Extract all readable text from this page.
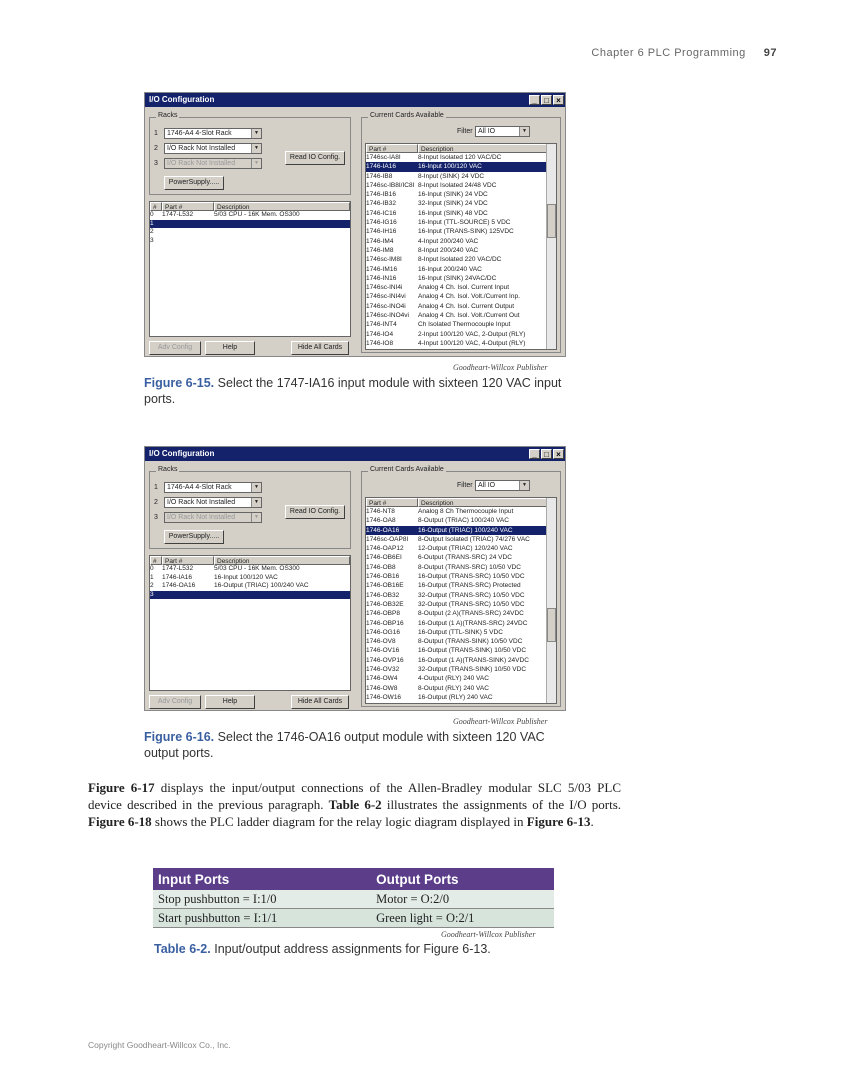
Chapter 6 PLC Programming 97
I/O Configuration	_ □ ×
Racks
1	1746-A4 4-Slot Rack	▼
2	I/O Rack Not Installed	▼
3	I/O Rack Not Installed	▼
Read IO Config.
PowerSupply.....
#	Part #	Description
0	1747-L532	5/03 CPU - 16K Mem. OS300
1
2
3
Adv Config	Help	Hide All Cards
Current Cards Available
Filter All IO	▼
Part #	Description
1746sc-IA8I	8-Input Isolated 120 VAC/DC
1746-IA16	16-Input 100/120 VAC
1746-IB8	8-Input (SINK) 24 VDC
1746sc-IB8I/IC8I 8-Input Isolated 24/48 VDC
1746-IB16	16-Input (SINK) 24 VDC
1746-IB32	32-Input (SINK) 24 VDC
1746-IC16	16-Input (SINK) 48 VDC
1746-IG16	16-Input (TTL-SOURCE) 5 VDC
1746-IH16	16-Input (TRANS-SINK) 125VDC
1746-IM4	4-Input 200/240 VAC
1746-IM8	8-Input 200/240 VAC
1746sc-IM8I	8-Input Isolated 220 VAC/DC
1746-IM16	16-Input 200/240 VAC
1746-IN16	16-Input (SINK) 24VAC/DC
1746sc-INI4i	Analog 4 Ch. Isol. Current Input
1746sc-INI4vi	Analog 4 Ch. Isol. Volt./Current Inp.
1746sc-INO4i	Analog 4 Ch. Isol. Current Output
1746sc-INO4vi	Analog 4 Ch. Isol. Volt./Current Out
1746-INT4	Ch Isolated Thermocouple Input
1746-IO4	2-Input 100/120 VAC, 2-Output (RLY)
1746-IO8	4-Input 100/120 VAC, 4-Output (RLY)
Goodheart-Willcox Publisher
Figure 6-15. Select the 1747-IA16 input module with sixteen 120 VAC input ports.
I/O Configuration	_ □ ×
Racks
1	1746-A4 4-Slot Rack	▼
2	I/O Rack Not Installed	▼
3	I/O Rack Not Installed	▼
Read IO Config.
PowerSupply.....
#	Part #	Description
0	1747-L532	5/03 CPU - 16K Mem. OS300
1	1746-IA16	16-Input 100/120 VAC
2	1746-OA16	16-Output (TRIAC) 100/240 VAC
3
Adv Config	Help	Hide All Cards
Current Cards Available
Filter All IO	▼
Part #	Description
1746-NT8	Analog 8 Ch Thermocouple Input
1746-OA8	8-Output (TRIAC) 100/240 VAC
1746-OA16	16-Output (TRIAC) 100/240 VAC
1746sc-OAP8I	8-Output Isolated (TRIAC) 74/276 VAC
1746-OAP12	12-Output (TRIAC) 120/240 VAC
1746-OB6EI	6-Output (TRANS-SRC) 24 VDC
1746-OB8	8-Output (TRANS-SRC) 10/50 VDC
1746-OB16	16-Output (TRANS-SRC) 10/50 VDC
1746-OB16E	16-Output (TRANS-SRC) Protected
1746-OB32	32-Output (TRANS-SRC) 10/50 VDC
1746-OB32E	32-Output (TRANS-SRC) 10/50 VDC
1746-OBP8	8-Output (2 A)(TRANS-SRC) 24VDC
1746-OBP16	16-Output (1 A)(TRANS-SRC) 24VDC
1746-OG16	16-Output (TTL-SINK) 5 VDC
1746-OV8	8-Output (TRANS-SINK) 10/50 VDC
1746-OV16	16-Output (TRANS-SINK) 10/50 VDC
1746-OVP16	16-Output (1 A)(TRANS-SINK) 24VDC
1746-OV32	32-Output (TRANS-SINK) 10/50 VDC
1746-OW4	4-Output (RLY) 240 VAC
1746-OW8	8-Output (RLY) 240 VAC
1746-OW16	16-Output (RLY) 240 VAC
Goodheart-Willcox Publisher
Figure 6-16. Select the 1746-OA16 output module with sixteen 120 VAC output ports.
Figure 6-17 displays the input/output connections of the Allen-Bradley modular SLC 5/03 PLC device described in the previous paragraph. Table 6-2 illustrates the assignments of the I/O ports. Figure 6-18 shows the PLC ladder diagram for the relay logic diagram displayed in Figure 6-13.
Input Ports	Output Ports
Stop pushbutton = I:1/0	Motor = O:2/0
Start pushbutton = I:1/1	Green light = O:2/1
Goodheart-Willcox Publisher
Table 6-2. Input/output address assignments for Figure 6-13.
Copyright Goodheart-Willcox Co., Inc.
